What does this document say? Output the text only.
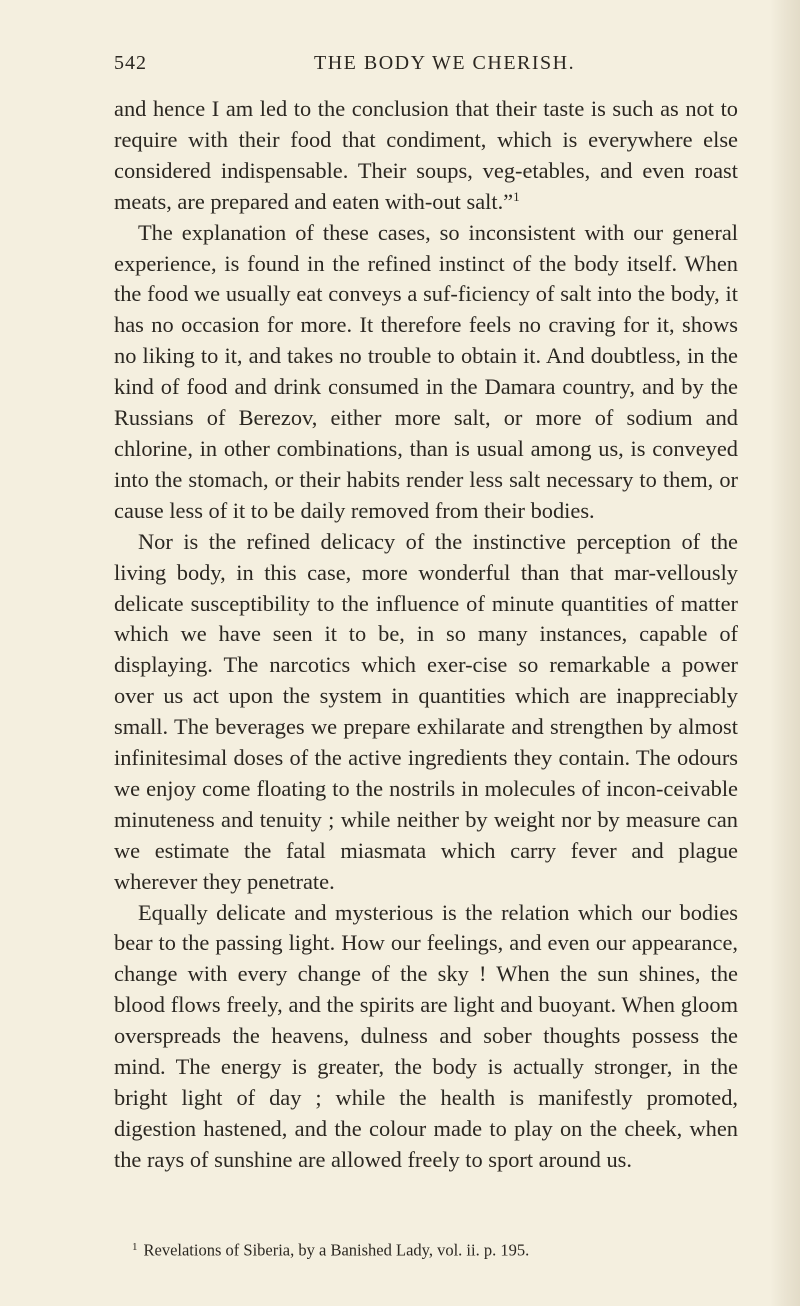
542	THE BODY WE CHERISH.

and hence I am led to the conclusion that their taste is such as not to require with their food that condiment, which is everywhere else considered indispensable. Their soups, veg-etables, and even roast meats, are prepared and eaten with-out salt.”$^1$

The explanation of these cases, so inconsistent with our general experience, is found in the refined instinct of the body itself. When the food we usually eat conveys a suf-ficiency of salt into the body, it has no occasion for more. It therefore feels no craving for it, shows no liking to it, and takes no trouble to obtain it. And doubtless, in the kind of food and drink consumed in the Damara country, and by the Russians of Berezov, either more salt, or more of sodium and chlorine, in other combinations, than is usual among us, is conveyed into the stomach, or their habits render less salt necessary to them, or cause less of it to be daily removed from their bodies.

Nor is the refined delicacy of the instinctive perception of the living body, in this case, more wonderful than that mar-vellously delicate susceptibility to the influence of minute quantities of matter which we have seen it to be, in so many instances, capable of displaying. The narcotics which exer-cise so remarkable a power over us act upon the system in quantities which are inappreciably small. The beverages we prepare exhilarate and strengthen by almost infinitesimal doses of the active ingredients they contain. The odours we enjoy come floating to the nostrils in molecules of incon-ceivable minuteness and tenuity ; while neither by weight nor by measure can we estimate the fatal miasmata which carry fever and plague wherever they penetrate.

Equally delicate and mysterious is the relation which our bodies bear to the passing light. How our feelings, and even our appearance, change with every change of the sky ! When the sun shines, the blood flows freely, and the spirits are light and buoyant. When gloom overspreads the heavens, dulness and sober thoughts possess the mind. The energy is greater, the body is actually stronger, in the bright light of day ; while the health is manifestly promoted, digestion hastened, and the colour made to play on the cheek, when the rays of sunshine are allowed freely to sport around us.

$^1$ Revelations of Siberia, by a Banished Lady, vol. ii. p. 195.
